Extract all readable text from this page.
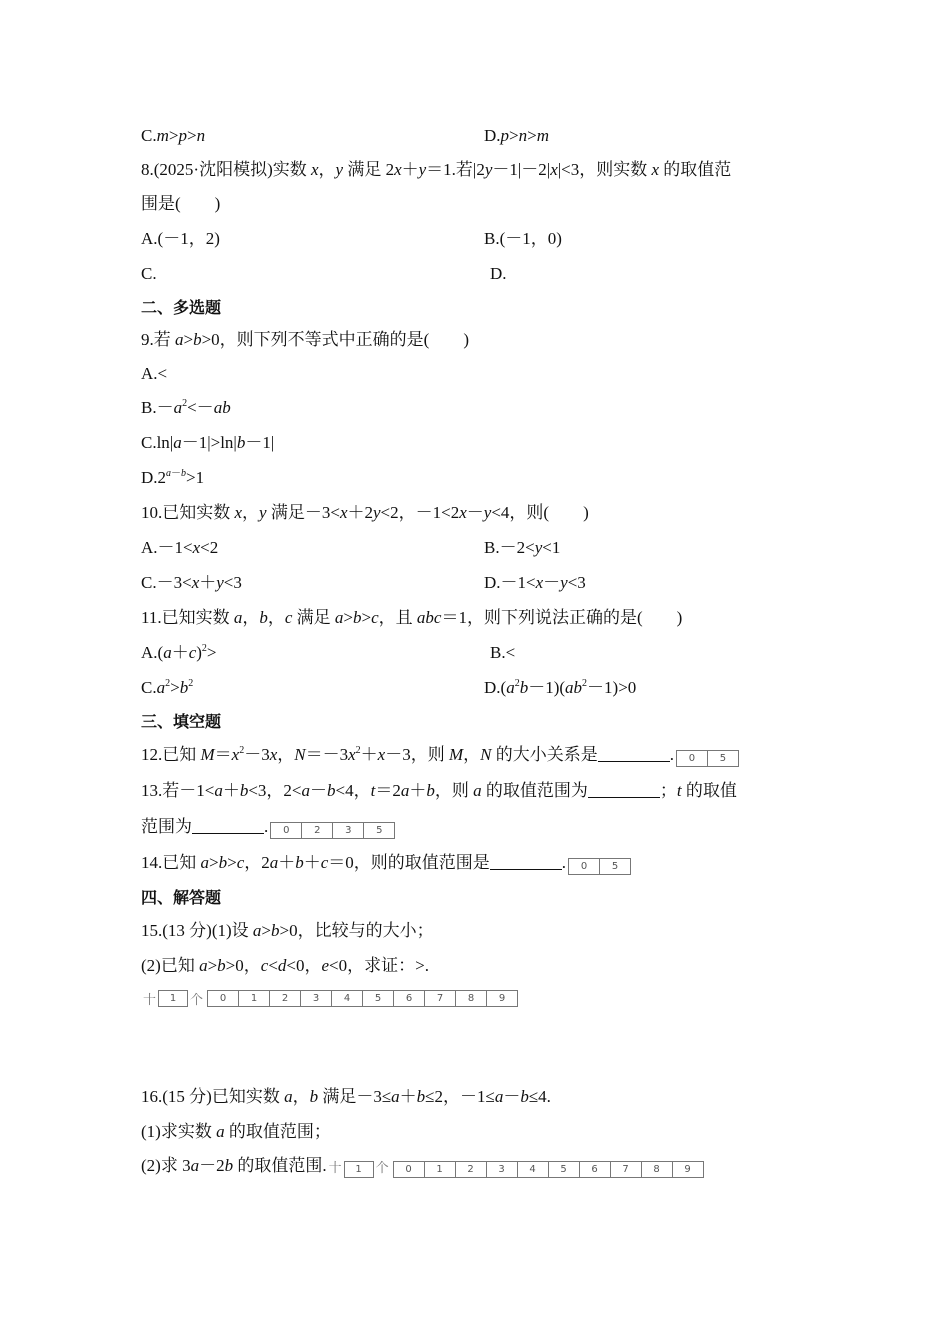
C.m>p>n	D.p>n>m
8.(2025·沈阳模拟)实数 x，y 满足 2x＋y＝1.若|2y－1|－2|x|<3，则实数 x 的取值范
围是( )
A.(－1，2)	B.(－1，0)
C.	D.
二、多选题
9.若 a>b>0，则下列不等式中正确的是( )
A.<
$B.-a^2<-ab$
C.ln|a－1|>ln|b－1|
$D.2^{a-b}>1$
10.已知实数 x，y 满足－3<x＋2y<2，－1<2x－y<4，则( )
A.－1<x<2	B.－2<y<1
C.－3<x＋y<3	D.－1<x－y<3
11.已知实数 a，b，c 满足 a>b>c，且 abc＝1，则下列说法正确的是( )
$A.(a+c)^2>$	B.<
$C.a^2>b^2$	$D.(a^2b-1)(ab^2-1)>0$
三、填空题
12.已知 $M=x^2-3x$，$N=-3x^2+x-3$，则 M，N 的大小关系是	.	0	5
13.若－1<a＋b<3，2<a－b<4，t＝2a＋b，则 a 的取值范围为	；t 的取值
范围为	.	0	2	3	5
14.已知 a>b>c，2a＋b＋c＝0，则的取值范围是	.	0	5
四、解答题
15.(13 分)(1)设 a>b>0，比较与的大小；
(2)已知 a>b>0，c<d<0，e<0，求证：>.
十	1	个	0	1	2	3	4	5	6	7	8	9
16.(15 分)已知实数 a，b 满足－3≤a＋b≤2，－1≤a－b≤4.
(1)求实数 a 的取值范围；
(2)求 3a－2b 的取值范围. 十	1	个	0	1	2	3	4	5	6	7	8	9
